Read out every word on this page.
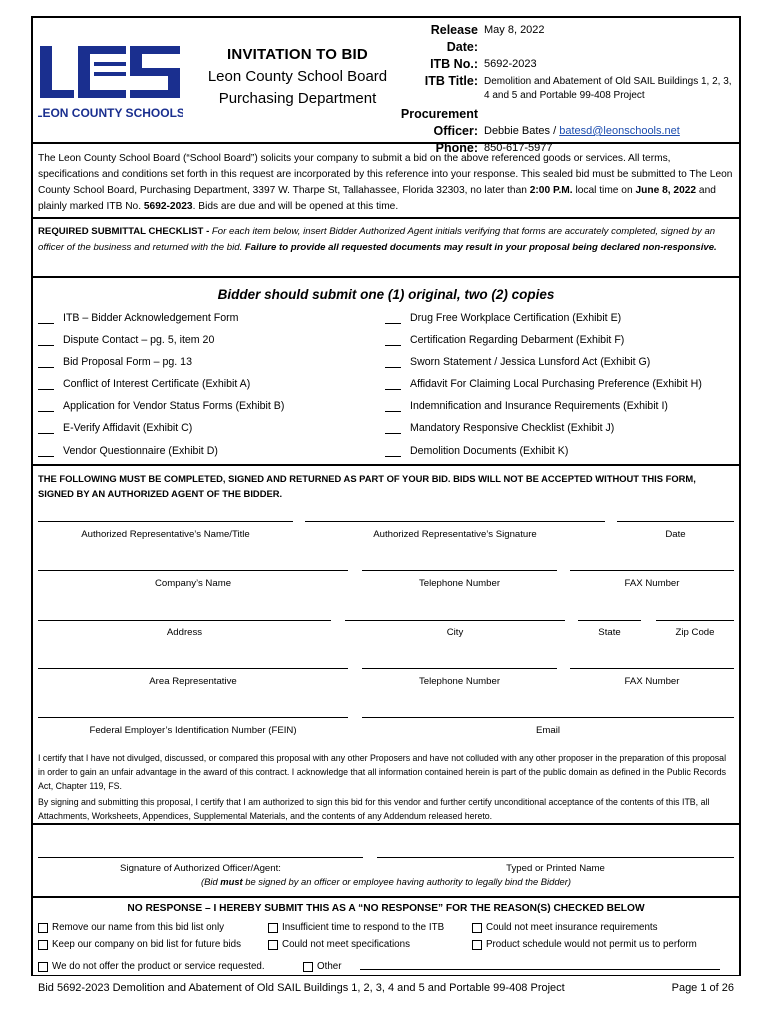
LEON COUNTY SCHOOLS
INVITATION TO BID
Leon County School Board
Purchasing Department
Release Date:
May 8, 2022
ITB No.: 5692-2023
ITB Title: Demolition and Abatement of Old SAIL Buildings 1, 2, 3, 4 and 5 and Portable 99-408 Project
Procurement
Officer: Debbie Bates / batesd@leonschools.net
Phone: 850-617-5977
The Leon County School Board (“School Board”) solicits your company to submit a bid on the above referenced goods or services. All terms, specifications and conditions set forth in this request are incorporated by this reference into your response. This sealed bid must be submitted to The Leon County School Board, Purchasing Department, 3397 W. Tharpe St, Tallahassee, Florida 32303, no later than 2:00 P.M. local time on June 8, 2022 and plainly marked ITB No. 5692-2023. Bids are due and will be opened at this time.
REQUIRED SUBMITTAL CHECKLIST - For each item below, insert Bidder Authorized Agent initials verifying that forms are accurately completed, signed by an officer of the business and returned with the bid. Failure to provide all requested documents may result in your proposal being declared non-responsive.
Bidder should submit one (1) original, two (2) copies
ITB – Bidder Acknowledgement Form
Dispute Contact – pg. 5, item 20
Bid Proposal Form – pg. 13
Conflict of Interest Certificate (Exhibit A)
Application for Vendor Status Forms (Exhibit B)
E-Verify Affidavit (Exhibit C)
Vendor Questionnaire (Exhibit D)
Drug Free Workplace Certification (Exhibit E)
Certification Regarding Debarment (Exhibit F)
Sworn Statement / Jessica Lunsford Act (Exhibit G)
Affidavit For Claiming Local Purchasing Preference (Exhibit H)
Indemnification and Insurance Requirements (Exhibit I)
Mandatory Responsive Checklist (Exhibit J)
Demolition Documents (Exhibit K)
THE FOLLOWING MUST BE COMPLETED, SIGNED AND RETURNED AS PART OF YOUR BID. BIDS WILL NOT BE ACCEPTED WITHOUT THIS FORM, SIGNED BY AN AUTHORIZED AGENT OF THE BIDDER.
Authorized Representative’s Name/Title	Authorized Representative’s Signature	Date
Company’s Name	Telephone Number	FAX Number
Address	City	State	Zip Code
Area Representative	Telephone Number	FAX Number
Federal Employer’s Identification Number (FEIN)	Email
I certify that I have not divulged, discussed, or compared this proposal with any other Proposers and have not colluded with any other proposer in the preparation of this proposal in order to gain an unfair advantage in the award of this contract. I acknowledge that all information contained herein is part of the public domain as defined in the Public Records Act, Chapter 119, FS.
By signing and submitting this proposal, I certify that I am authorized to sign this bid for this vendor and further certify unconditional acceptance of the contents of this ITB, all Attachments, Worksheets, Appendices, Supplemental Materials, and the contents of any Addendum released hereto.
Signature of Authorized Officer/Agent:	Typed or Printed Name
(Bid must be signed by an officer or employee having authority to legally bind the Bidder)
NO RESPONSE – I HEREBY SUBMIT THIS AS A “NO RESPONSE” FOR THE REASON(S) CHECKED BELOW
Remove our name from this bid list only	Insufficient time to respond to the ITB	Could not meet insurance requirements
Keep our company on bid list for future bids	Could not meet specifications	Product schedule would not permit us to perform
We do not offer the product or service requested.	Other
Bid 5692-2023 Demolition and Abatement of Old SAIL Buildings 1, 2, 3, 4 and 5 and Portable 99-408 Project	Page 1 of 26
